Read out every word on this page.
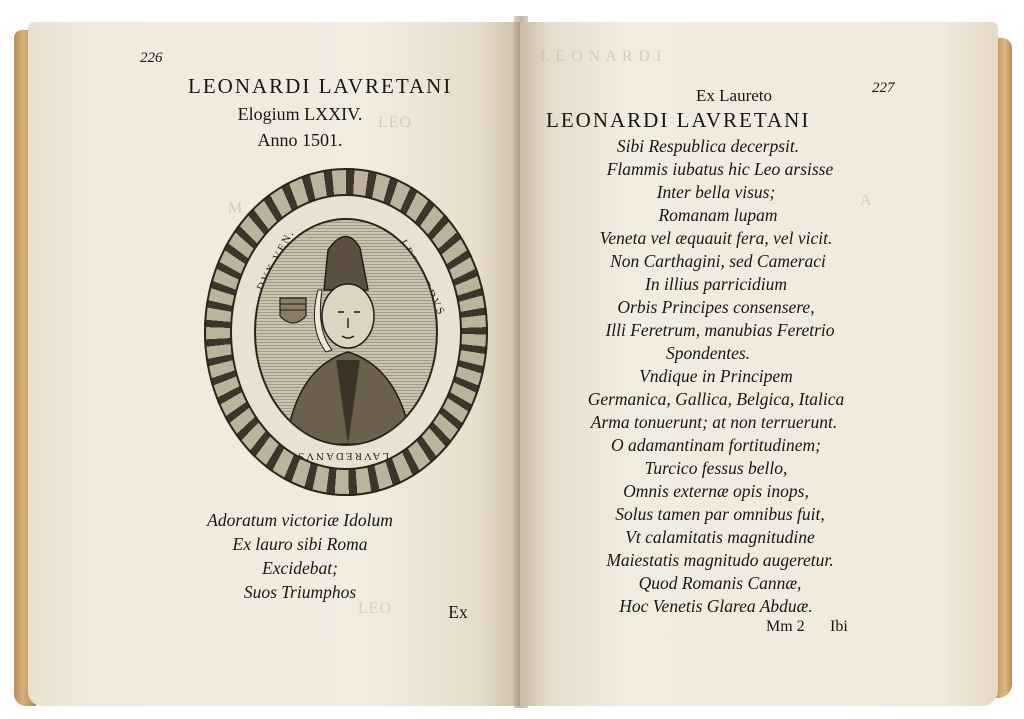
LEO
M
LEO
226
LEONARDI LAVRETANI
Elogium LXXIV.
Anno 1501.
LAVREDANVS
Adoratum victoriæ Idolum
Ex lauro sibi Roma
Excidebat;
Suos Triumphos
Ex
L E O N A R D I
A
227
Ex Laureto
LEONARDI LAVRETANI
Sibi Respublica decerpsit.
Flammis iubatus hic Leo arsisse
Inter bella visus;
Romanam lupam
Veneta vel æquauit fera, vel vicit.
Non Carthagini, sed Cameraci
In illius parricidium
Orbis Principes consensere,
Illi Feretrum, manubias Feretrio
Spondentes.
Vndique in Principem
Germanica, Gallica, Belgica, Italica
Arma tonuerunt; at non terruerunt.
O adamantinam fortitudinem;
Turcico fessus bello,
Omnis externæ opis inops,
Solus tamen par omnibus fuit,
Vt calamitatis magnitudine
Maiestatis magnitudo augeretur.
Quod Romanis Cannæ,
Hoc Venetis Glarea Abduæ.
Mm 2 Ibi
